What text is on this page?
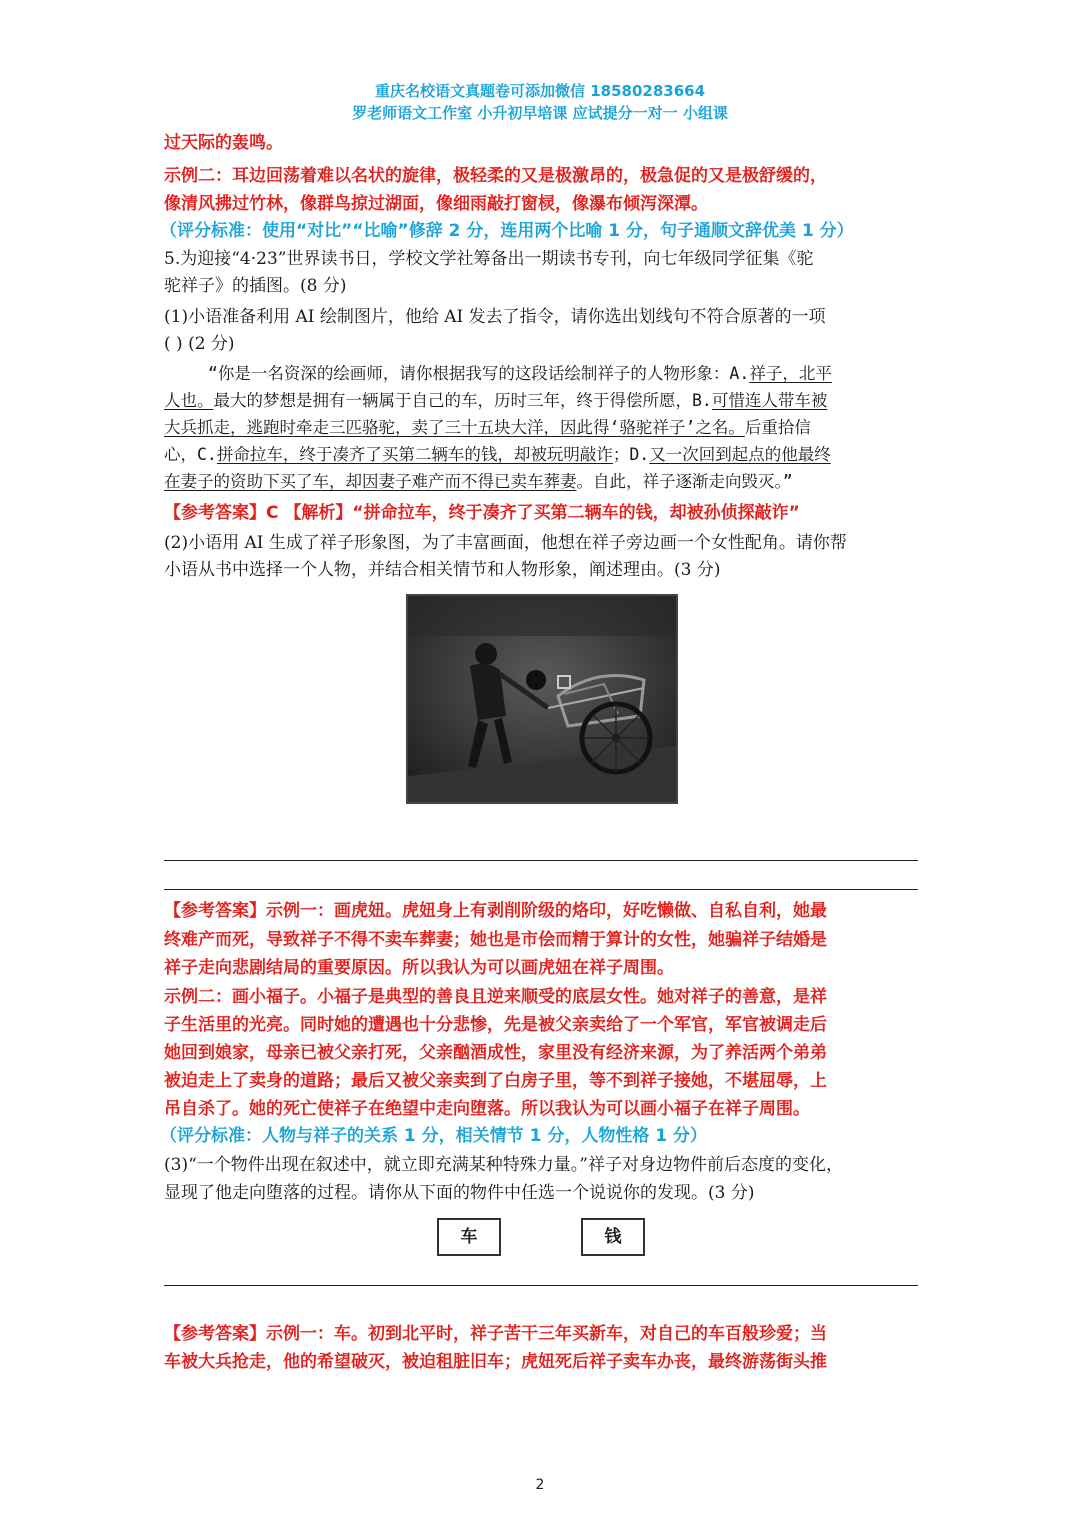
重庆名校语文真题卷可添加微信 18580283664
罗老师语文工作室 小升初早培课 应试提分一对一 小组课
过天际的轰鸣。
示例二：耳边回荡着难以名状的旋律，极轻柔的又是极激昂的，极急促的又是极舒缓的，
像清风拂过竹林，像群鸟掠过湖面，像细雨敲打窗棂，像瀑布倾泻深潭。
（评分标准：使用“对比”“比喻”修辞 2 分，连用两个比喻 1 分，句子通顺文辞优美 1 分）
5.为迎接“4·23”世界读书日，学校文学社筹备出一期读书专刊，向七年级同学征集《驼
驼祥子》的插图。(8 分)
(1)小语准备利用 AI 绘制图片，他给 AI 发去了指令，请你选出划线句不符合原著的一项
( ) (2 分)
“你是一名资深的绘画师，请你根据我写的这段话绘制祥子的人物形象：A.祥子，北平
人也。最大的梦想是拥有一辆属于自己的车，历时三年，终于得偿所愿，B.可惜连人带车被
大兵抓走，逃跑时牵走三匹骆驼，卖了三十五块大洋，因此得‘骆驼祥子’之名。后重拾信
心，C.拼命拉车，终于凑齐了买第二辆车的钱，却被玩明敲诈；D.又一次回到起点的他最终
在妻子的资助下买了车，却因妻子难产而不得已卖车葬妻。自此，祥子逐渐走向毁灭。”
【参考答案】C 【解析】“拼命拉车，终于凑齐了买第二辆车的钱，却被孙侦探敲诈”
(2)小语用 AI 生成了祥子形象图，为了丰富画面，他想在祥子旁边画一个女性配角。请你帮
小语从书中选择一个人物，并结合相关情节和人物形象，阐述理由。(3 分)
【参考答案】示例一：画虎妞。虎妞身上有剥削阶级的烙印，好吃懒做、自私自利，她最
终难产而死，导致祥子不得不卖车葬妻；她也是市侩而精于算计的女性，她骗祥子结婚是
祥子走向悲剧结局的重要原因。所以我认为可以画虎妞在祥子周围。
示例二：画小福子。小福子是典型的善良且逆来顺受的底层女性。她对祥子的善意，是祥
子生活里的光亮。同时她的遭遇也十分悲惨，先是被父亲卖给了一个军官，军官被调走后
她回到娘家，母亲已被父亲打死，父亲酗酒成性，家里没有经济来源，为了养活两个弟弟
被迫走上了卖身的道路；最后又被父亲卖到了白房子里，等不到祥子接她，不堪屈辱，上
吊自杀了。她的死亡使祥子在绝望中走向堕落。所以我认为可以画小福子在祥子周围。
（评分标准：人物与祥子的关系 1 分，相关情节 1 分，人物性格 1 分）
(3)“一个物件出现在叙述中，就立即充满某种特殊力量。”祥子对身边物件前后态度的变化，
显现了他走向堕落的过程。请你从下面的物件中任选一个说说你的发现。(3 分)
车	钱
【参考答案】示例一：车。初到北平时，祥子苦干三年买新车，对自己的车百般珍爱；当
车被大兵抢走，他的希望破灭，被迫租脏旧车；虎妞死后祥子卖车办丧，最终游荡街头推
2
